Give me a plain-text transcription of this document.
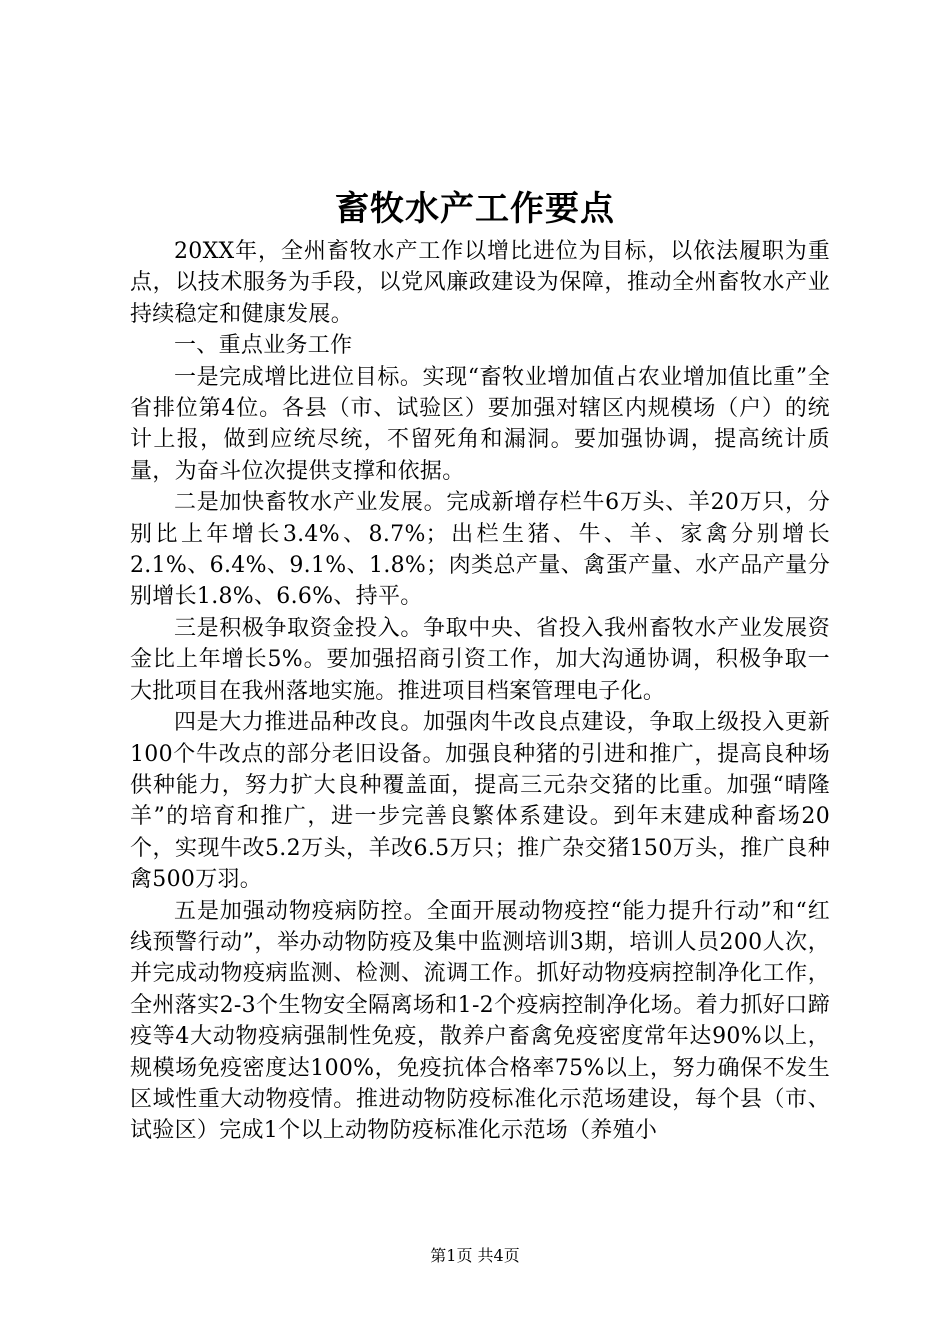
畜牧水产工作要点

20XX年，全州畜牧水产工作以增比进位为目标，以依法履职为重点，以技术服务为手段，以党风廉政建设为保障，推动全州畜牧水产业持续稳定和健康发展。

一、重点业务工作

一是完成增比进位目标。实现“畜牧业增加值占农业增加值比重”全省排位第4位。各县（市、试验区）要加强对辖区内规模场（户）的统计上报，做到应统尽统，不留死角和漏洞。要加强协调，提高统计质量，为奋斗位次提供支撑和依据。

二是加快畜牧水产业发展。完成新增存栏牛6万头、羊20万只，分别比上年增长3.4%、8.7%；出栏生猪、牛、羊、家禽分别增长2.1%、6.4%、9.1%、1.8%；肉类总产量、禽蛋产量、水产品产量分别增长1.8%、6.6%、持平。

三是积极争取资金投入。争取中央、省投入我州畜牧水产业发展资金比上年增长5%。要加强招商引资工作，加大沟通协调，积极争取一大批项目在我州落地实施。推进项目档案管理电子化。

四是大力推进品种改良。加强肉牛改良点建设，争取上级投入更新100个牛改点的部分老旧设备。加强良种猪的引进和推广，提高良种场供种能力，努力扩大良种覆盖面，提高三元杂交猪的比重。加强“晴隆羊”的培育和推广，进一步完善良繁体系建设。到年末建成种畜场20个，实现牛改5.2万头，羊改6.5万只；推广杂交猪150万头，推广良种禽500万羽。

五是加强动物疫病防控。全面开展动物疫控“能力提升行动”和“红线预警行动”，举办动物防疫及集中监测培训3期，培训人员200人次，并完成动物疫病监测、检测、流调工作。抓好动物疫病控制净化工作，全州落实2-3个生物安全隔离场和1-2个疫病控制净化场。着力抓好口蹄疫等4大动物疫病强制性免疫，散养户畜禽免疫密度常年达90%以上，规模场免疫密度达100%，免疫抗体合格率75%以上，努力确保不发生区域性重大动物疫情。推进动物防疫标准化示范场建设，每个县（市、试验区）完成1个以上动物防疫标准化示范场（养殖小

第1页 共4页
